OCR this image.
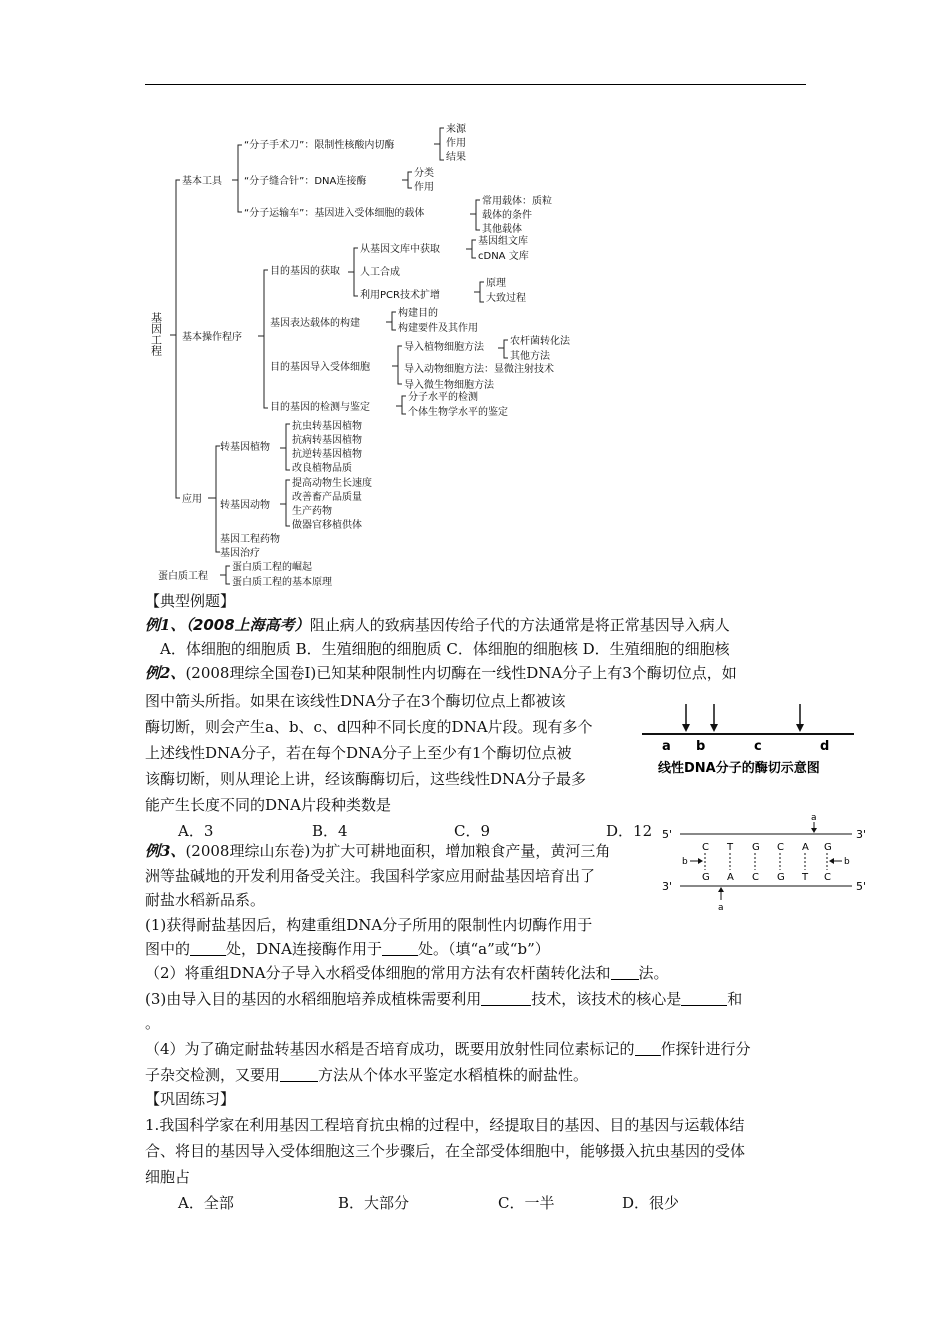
基因工程
基本工具
“分子手术刀”：限制性核酸内切酶
“分子缝合针”：DNA连接酶
“分子运输车”：基因进入受体细胞的载体
来源
作用
结果
分类
作用
常用载体：质粒
载体的条件
其他载体
基本操作程序
目的基因的获取
从基因文库中获取
人工合成
利用PCR技术扩增
基因组文库
cDNA 文库
原理
大致过程
基因表达载体的构建
构建目的
构建要件及其作用
目的基因导入受体细胞
导入植物细胞方法
导入动物细胞方法：显微注射技术
导入微生物细胞方法
农杆菌转化法
其他方法
目的基因的检测与鉴定
分子水平的检测
个体生物学水平的鉴定
应用
转基因植物
抗虫转基因植物
抗病转基因植物
抗逆转基因植物
改良植物品质
转基因动物
提高动物生长速度
改善畜产品质量
生产药物
做器官移植供体
基因工程药物
基因治疗
蛋白质工程
蛋白质工程的崛起
蛋白质工程的基本原理
【典型例题】
例1、（2008上海高考）阻止病人的致病基因传给子代的方法通常是将正常基因导入病人
A．体细胞的细胞质 B．生殖细胞的细胞质 C．体细胞的细胞核 D．生殖细胞的细胞核
例2、(2008理综全国卷Ⅰ)已知某种限制性内切酶在一线性DNA分子上有3个酶切位点，如
图中箭头所指。如果在该线性DNA分子在3个酶切位点上都被该
酶切断，则会产生a、b、c、d四种不同长度的DNA片段。现有多个
上述线性DNA分子，若在每个DNA分子上至少有1个酶切位点被
该酶切断，则从理论上讲，经该酶酶切后，这些线性DNA分子最多
能产生长度不同的DNA片段种类数是
A．3	B．4	C．9	D．12
a b	c	d
线性DNA分子的酶切示意图
例3、(2008理综山东卷)为扩大可耕地面积，增加粮食产量，黄河三角
洲等盐碱地的开发利用备受关注。我国科学家应用耐盐基因培育出了
耐盐水稻新品系。
(1)获得耐盐基因后，构建重组DNA分子所用的限制性内切酶作用于
图中的 处，DNA连接酶作用于 处。（填“a”或“b”）
（2）将重组DNA分子导入水稻受体细胞的常用方法有农杆菌转化法和 法。
(3)由导入目的基因的水稻细胞培养成植株需要利用	技术，该技术的核心是	和
。
（4）为了确定耐盐转基因水稻是否培育成功，既要用放射性同位素标记的 作探针进行分
子杂交检测，又要用	方法从个体水平鉴定水稻植株的耐盐性。
5'	3'
3'	5'
C
G
T
A
G
C
C
G
A
T
G
C
a
b	b
a
【巩固练习】
1.我国科学家在利用基因工程培育抗虫棉的过程中，经提取目的基因、目的基因与运载体结
合、将目的基因导入受体细胞这三个步骤后，在全部受体细胞中，能够摄入抗虫基因的受体
细胞占
A．全部	B．大部分	C．一半	D．很少
